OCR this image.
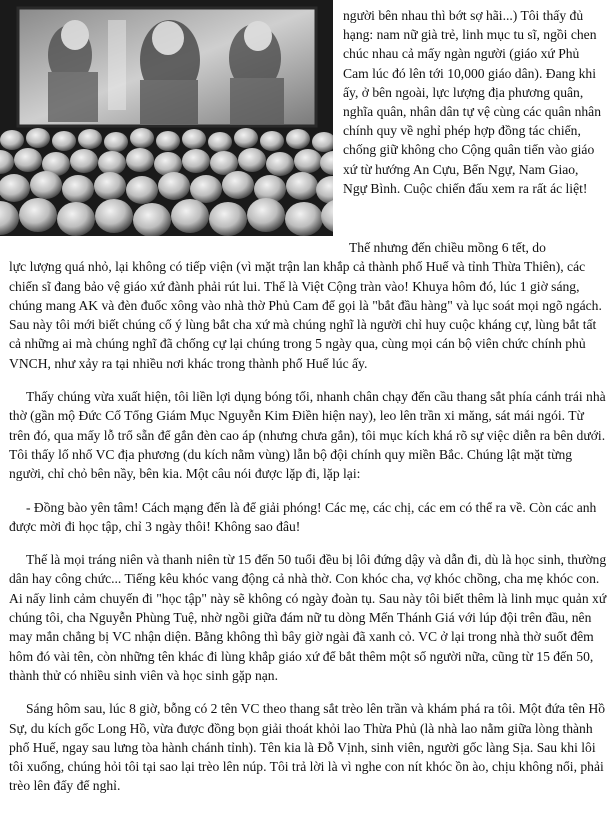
người bên nhau thì bớt sợ hãi...) Tôi thấy đủ hạng: nam nữ già trẻ, linh mục tu sĩ, ngồi chen chúc nhau cả mấy ngàn người (giáo xứ Phủ Cam lúc đó lên tới 10,000 giáo dân). Đang khi ấy, ở bên ngoài, lực lượng địa phương quân, nghĩa quân, nhân dân tự vệ cùng các quân nhân chính quy về nghỉ phép hợp đồng tác chiến, chống giữ không cho Cộng quân tiến vào giáo xứ từ hướng An Cựu, Bến Ngự, Nam Giao, Ngự Bình. Cuộc chiến đấu xem ra rất ác liệt!

Thế nhưng đến chiều mồng 6 tết, do
lực lượng quá nhỏ, lại không có tiếp viện (vì mặt trận lan khắp cả thành phố Huế và tỉnh Thừa Thiên), các chiến sĩ đang bảo vệ giáo xứ đành phải rút lui. Thế là Việt Cộng tràn vào! Khuya hôm đó, lúc 1 giờ sáng, chúng mang AK và đèn đuốc xông vào nhà thờ Phủ Cam để gọi là "bắt đầu hàng" và lục soát mọi ngõ ngách. Sau này tôi mới biết chúng cố ý lùng bắt cha xứ mà chúng nghĩ là người chỉ huy cuộc kháng cự, lùng bắt tất cả những ai mà chúng nghĩ đã chống cự lại chúng trong 5 ngày qua, cùng mọi cán bộ viên chức chính phủ VNCH, như xảy ra tại nhiều nơi khác trong thành phố Huế lúc ấy.

Thấy chúng vừa xuất hiện, tôi liền lợi dụng bóng tối, nhanh chân chạy đến cầu thang sắt phía cánh trái nhà thờ (gần mộ Đức Cố Tổng Giám Mục Nguyễn Kim Điền hiện nay), leo lên trần xi măng, sát mái ngói. Từ trên đó, qua mấy lỗ trổ sẵn để gắn đèn cao áp (nhưng chưa gắn), tôi mục kích khá rõ sự việc diễn ra bên dưới. Tôi thấy lố nhố VC địa phương (du kích nằm vùng) lẫn bộ đội chính quy miền Bắc. Chúng lật mặt từng người, chỉ chỏ bên nầy, bên kia. Một câu nói được lặp đi, lặp lại:

- Đồng bào yên tâm! Cách mạng đến là để giải phóng! Các mẹ, các chị, các em có thể ra về. Còn các anh được mời đi học tập, chỉ 3 ngày thôi! Không sao đâu!

Thế là mọi tráng niên và thanh niên từ 15 đến 50 tuổi đều bị lôi đứng dậy và dẫn đi, dù là học sinh, thường dân hay công chức... Tiếng kêu khóc vang động cả nhà thờ. Con khóc cha, vợ khóc chồng, cha mẹ khóc con. Ai nấy linh cảm chuyến đi "học tập" này sẽ không có ngày đoàn tụ. Sau này tôi biết thêm là linh mục quản xứ chúng tôi, cha Nguyễn Phùng Tuệ, nhờ ngồi giữa đám nữ tu dòng Mến Thánh Giá với lúp đội trên đầu, nên may mắn chẳng bị VC nhận diện. Bằng không thì bây giờ ngài đã xanh cỏ. VC ở lại trong nhà thờ suốt đêm hôm đó vài tên, còn những tên khác đi lùng khắp giáo xứ để bắt thêm một số người nữa, cũng từ 15 đến 50, thành thử có nhiều sinh viên và học sinh gặp nạn.

Sáng hôm sau, lúc 8 giờ, bỗng có 2 tên VC theo thang sắt trèo lên trần và khám phá ra tôi. Một đứa tên Hồ Sự, du kích gốc Long Hồ, vừa được đồng bọn giải thoát khỏi lao Thừa Phủ (là nhà lao nằm giữa lòng thành phố Huế, ngay sau lưng tòa hành chánh tỉnh). Tên kia là Đỗ Vịnh, sinh viên, người gốc làng Sịa. Sau khi lôi tôi xuống, chúng hỏi tôi tại sao lại trèo lên núp. Tôi trả lời là vì nghe con nít khóc ồn ào, chịu không nổi, phải trèo lên đấy để nghỉ.
